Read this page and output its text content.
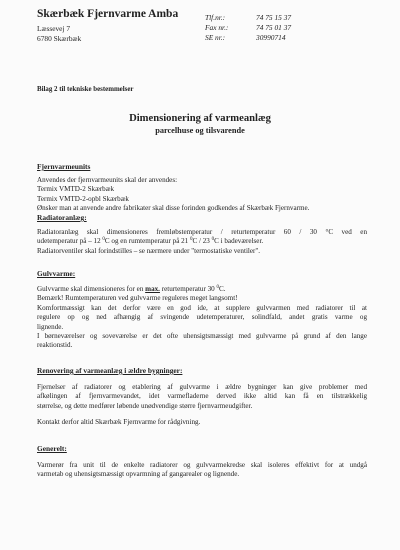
Skærbæk Fjernvarme Amba
Læssevej 7
6780 Skærbæk
Tlf.nr.:	74 75 15 37
Fax nr.:	74 75 01 37
SE nr.:	30990714
Bilag 2 til tekniske bestemmelser
Dimensionering af varmeanlæg
parcelhuse og tilsvarende
Fjernvarmeunits
Anvendes der fjernvarmeunits skal der anvendes:
Termix VMTD-2 Skærbæk
Termix VMTD-2-opbl Skærbæk
Ønsker man at anvende andre fabrikater skal disse forinden godkendes af Skærbæk Fjernvarme.
Radiatoranlæg:
Radiatoranlæg skal dimensioneres fremløbstemperatur / returtemperatur 60 / 30 °C ved en
udetemperatur på – 12 $^0$C og en rumtemperatur på 21 $^0$C / 23 $^0$C i badeværelser.
Radiatorventiler skal forindstilles – se nærmere under "termostatiske ventiler".
Gulvvarme:
Gulvvarme skal dimensioneres for en max. returtemperatur 30 $^0$C.
Bemærk! Rumtemperaturen ved gulvvarme reguleres meget langsomt!
Komfortmæssigt kan det derfor være en god ide, at supplere gulvvarmen med radiatorer til at
regulere op og ned afhængig af svingende udetemperaturer, solindfald, andet gratis varme og
lignende.
I børneværelser og soveværelse er det ofte uhensigtsmæssigt med gulvvarme på grund af den lange
reaktionstid.
Renovering af varmeanlæg i ældre bygninger:
Fjernelser af radiatorer og etablering af gulvvarme i ældre bygninger kan give problemer med
afkølingen af fjernvarmevandet, idet varmefladerne derved ikke altid kan få en tilstrækkelig
størrelse, og dette medfører løbende unødvendige større fjernvarmeudgifter.
Kontakt derfor altid Skærbæk Fjernvarme for rådgivning.
Generelt:
Varmerør fra unit til de enkelte radiatorer og gulvvarmekredse skal isoleres effektivt for at undgå
varmetab og uhensigtsmæssigt opvarmning af gangarealer og lignende.
